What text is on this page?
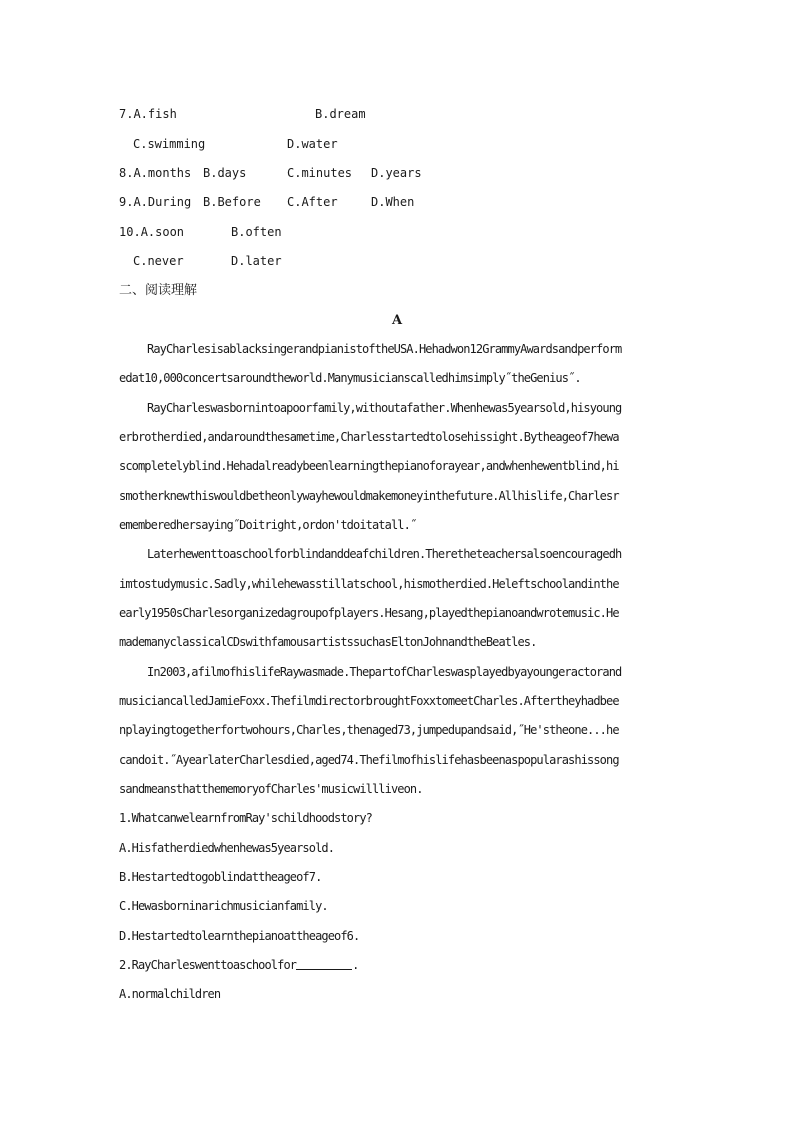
7.A.fish

	B.dream

C.swimming

	D.water

8.A.months

B.days

	C.minutes

D.years

9.A.During

B.Before

C.After

	D.When

10.A.soon

	B.often

C.never

	D.later

二、阅读理解
A
RayCharlesisablacksingerandpianistoftheUSA.Hehadwon12GrammyAwardsandperform
edat10,000concertsaroundtheworld.Manymusicianscalledhimsimply˝theGenius˝.
RayCharleswasbornintoapoorfamily,withoutafather.Whenhewas5yearsold,hisyoung
erbrotherdied,andaroundthesametime,Charlesstartedtolosehissight.Bytheageof7hewa
scompletelyblind.Hehadalreadybeenlearningthepianoforayear,andwhenhewentblind,hi
smotherknewthiswouldbetheonlywayhewouldmakemoneyinthefuture.Allhislife,Charlesr
ememberedhersaying˝Doitright,ordon'tdoitatall.˝
Laterhewenttoaschoolforblindanddeafchildren.Theretheteachersalsoencouragedh
imtostudymusic.Sadly,whilehewasstillatschool,hismotherdied.Heleftschoolandinthe
early1950sCharlesorganizedagroupofplayers.Hesang,playedthepianoandwrotemusic.He
mademanyclassicalCDswithfamousartistssuchasEltonJohnandtheBeatles.
In2003,afilmofhislifeRaywasmade.ThepartofCharleswasplayedbyayoungeractorand
musiciancalledJamieFoxx.ThefilmdirectorbroughtFoxxtomeetCharles.Aftertheyhadbee
nplayingtogetherfortwohours,Charles,thenaged73,jumpedupandsaid,˝He'stheone...he
candoit.˝AyearlaterCharlesdied,aged74.Thefilmofhislifehasbeenaspopularashissong
sandmeansthatthememoryofCharles'musicwillliveon.
1.WhatcanwelearnfromRay'schildhoodstory?
A.Hisfatherdiedwhenhewas5yearsold.
B.Hestartedtogoblindattheageof7.
C.Hewasborninarichmusicianfamily.
D.Hestartedtolearnthepianoattheageof6.
2.RayCharleswenttoaschoolfor	.
A.normalchildren
